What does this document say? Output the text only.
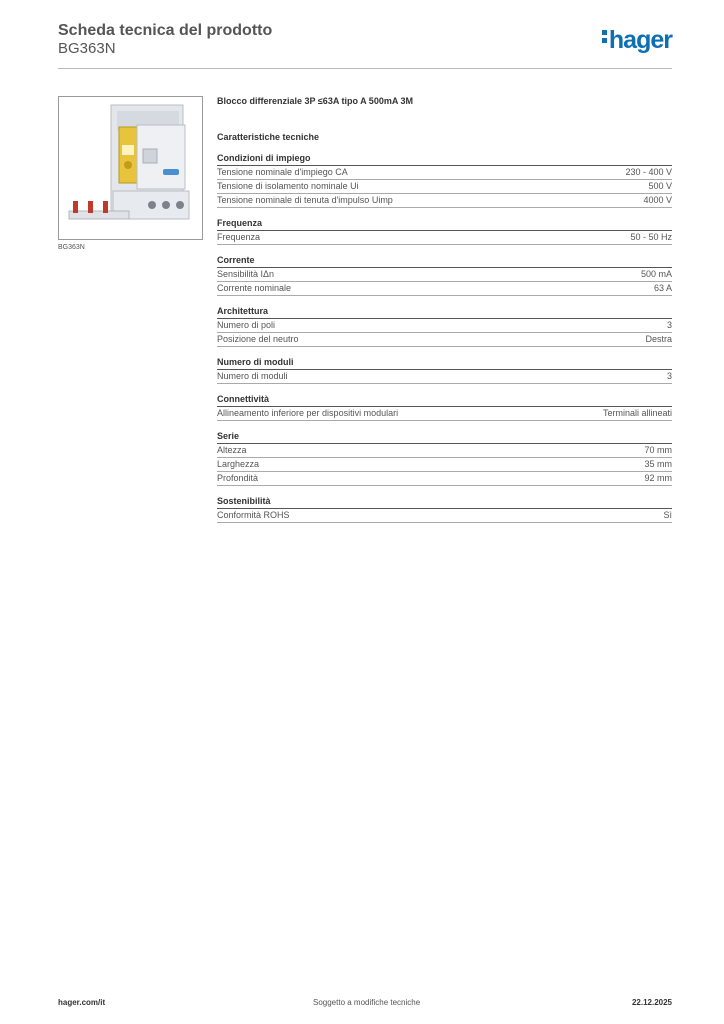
Scheda tecnica del prodotto
BG363N	hager
BG363N
Blocco differenziale 3P ≤63A tipo A 500mA 3M
Caratteristiche tecniche
Condizioni di impiego
Tensione nominale d'impiego CA	230 - 400 V
Tensione di isolamento nominale Ui	500 V
Tensione nominale di tenuta d'impulso Uimp	4000 V
Frequenza
Frequenza	50 - 50 Hz
Corrente
Sensibilità IΔn	500 mA
Corrente nominale	63 A
Architettura
Numero di poli	3
Posizione del neutro	Destra
Numero di moduli
Numero di moduli	3
Connettività
Allineamento inferiore per dispositivi modulari	Terminali allineati
Serie
Altezza	70 mm
Larghezza	35 mm
Profondità	92 mm
Sostenibilità
Conformità ROHS	Sì
hager.com/it	Soggetto a modifiche tecniche	22.12.2025
